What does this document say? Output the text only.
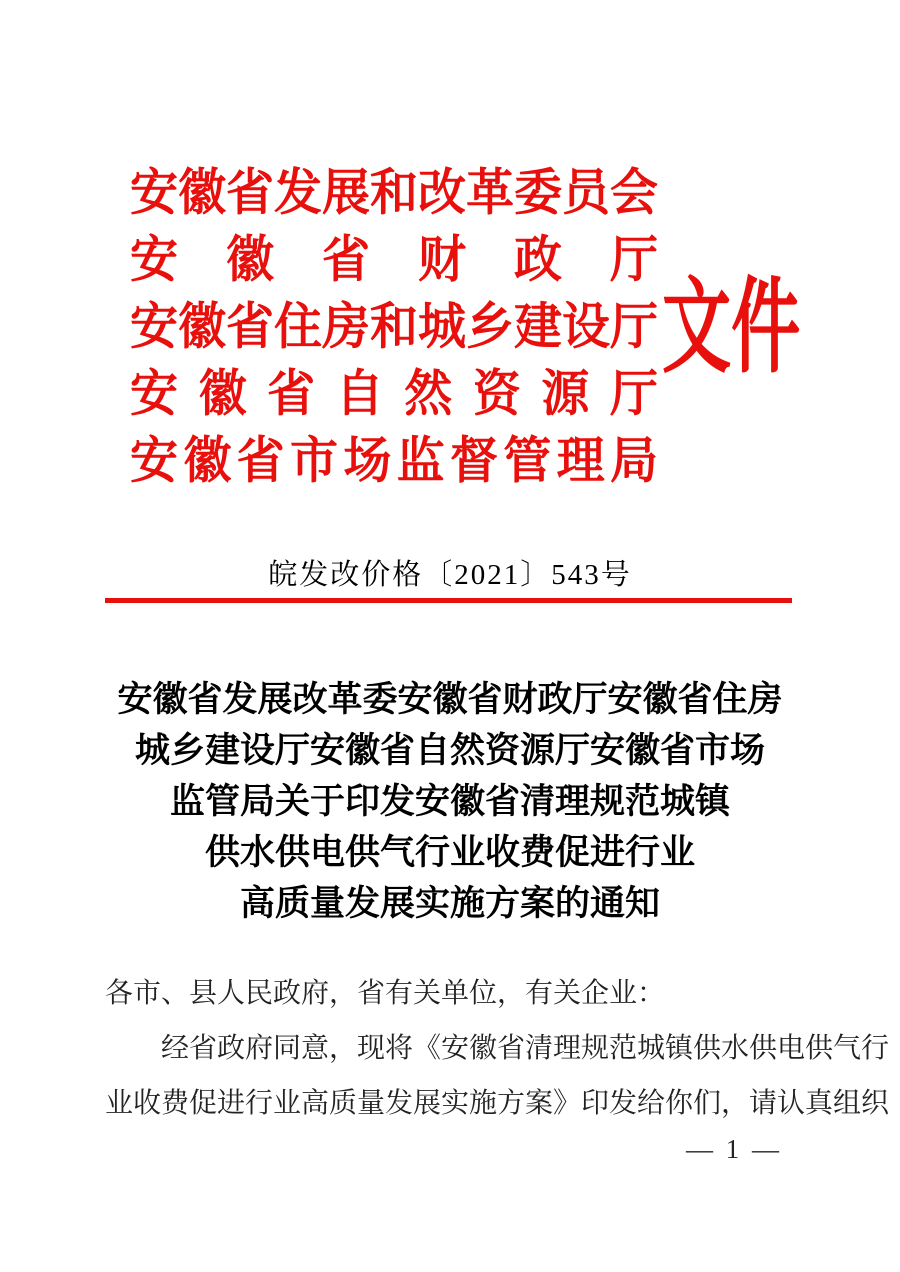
安徽省发展和改革委员会
安徽省财政厅
安徽省住房和城乡建设厅
安徽省自然资源厅
安徽省市场监督管理局
文件
皖发改价格〔2021〕543号
安徽省发展改革委安徽省财政厅安徽省住房
城乡建设厅安徽省自然资源厅安徽省市场
监管局关于印发安徽省清理规范城镇
供水供电供气行业收费促进行业
高质量发展实施方案的通知
各市、县人民政府，省有关单位，有关企业：
经省政府同意，现将《安徽省清理规范城镇供水供电供气行
业收费促进行业高质量发展实施方案》印发给你们，请认真组织
— 1 —
